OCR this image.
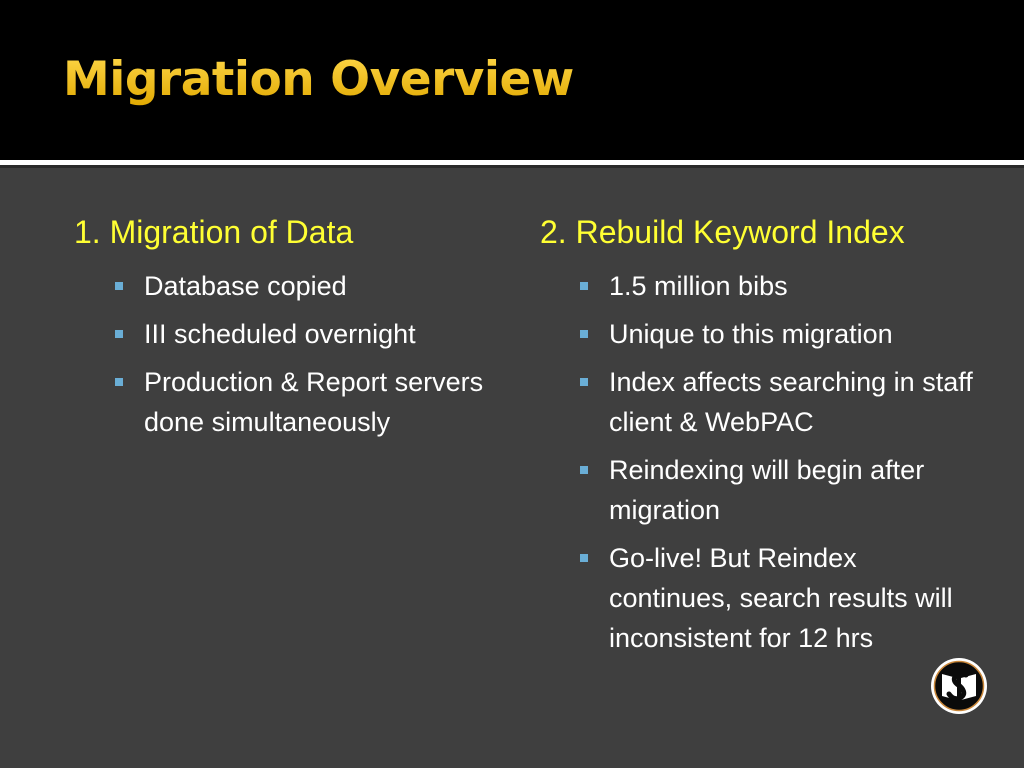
Migration Overview
1. Migration of Data
Database copied
III scheduled overnight
Production & Report servers done simultaneously
2. Rebuild Keyword Index
1.5 million bibs
Unique to this migration
Index affects searching in staff client & WebPAC
Reindexing will begin after migration
Go-live! But Reindex continues, search results will inconsistent for 12 hrs
